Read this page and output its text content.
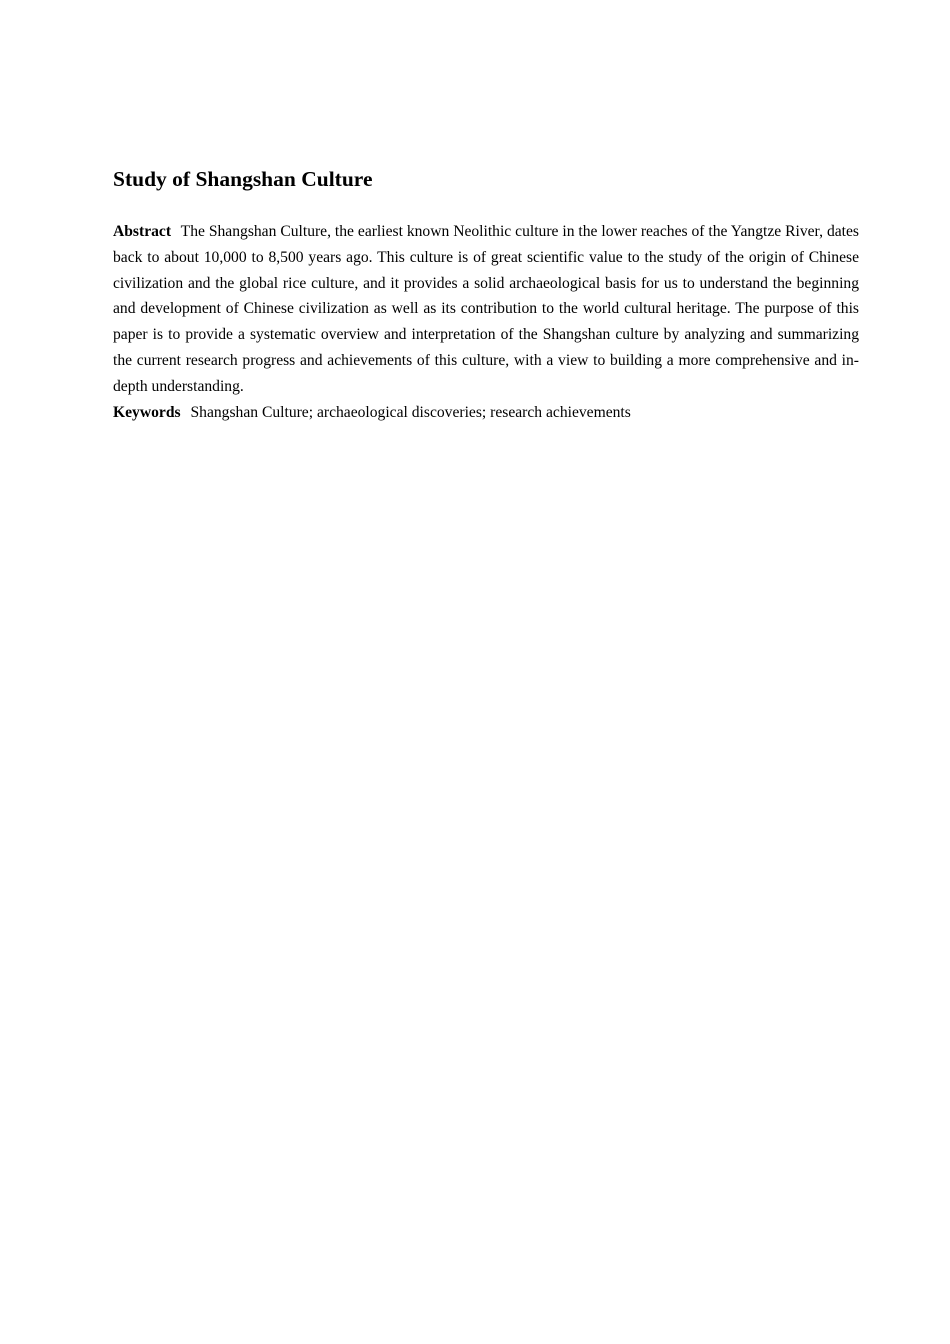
Study of Shangshan Culture

Abstract The Shangshan Culture, the earliest known Neolithic culture in the lower reaches of the Yangtze River, dates back to about 10,000 to 8,500 years ago. This culture is of great scientific value to the study of the origin of Chinese civilization and the global rice culture, and it provides a solid archaeological basis for us to understand the beginning and development of Chinese civilization as well as its contribution to the world cultural heritage. The purpose of this paper is to provide a systematic overview and interpretation of the Shangshan culture by analyzing and summarizing the current research progress and achievements of this culture, with a view to building a more comprehensive and in-depth understanding.

Keywords Shangshan Culture; archaeological discoveries; research achievements
